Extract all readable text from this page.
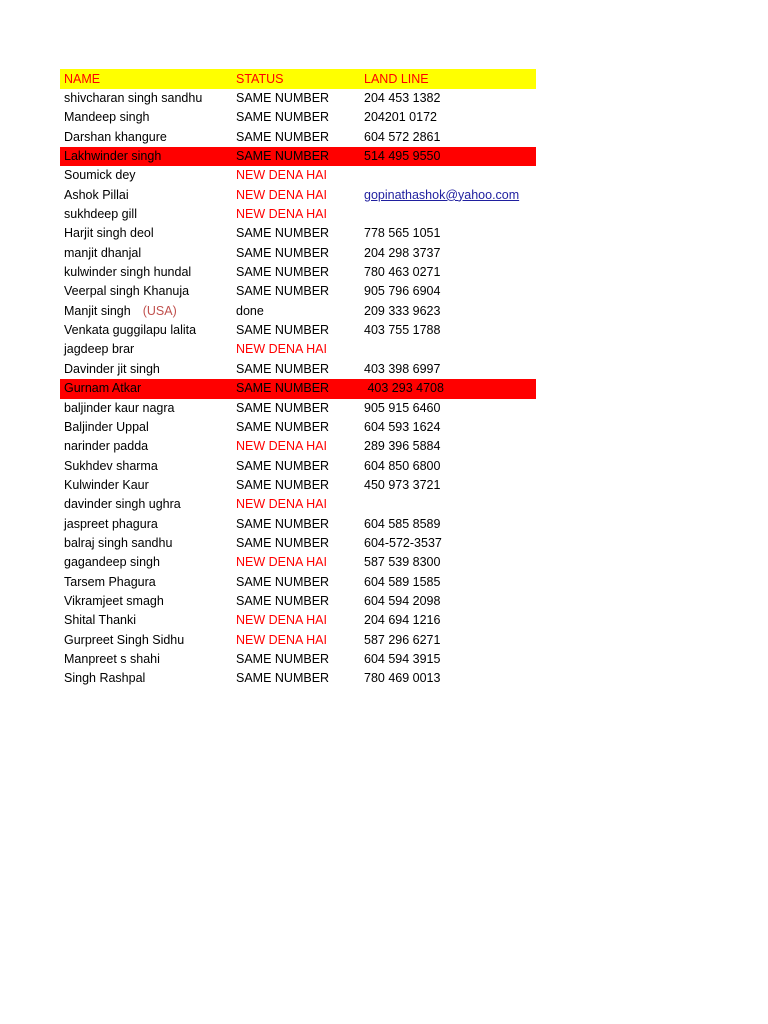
NAME	STATUS	LAND LINE
shivcharan singh sandhu	SAME NUMBER	204 453 1382
Mandeep singh	SAME NUMBER	204201 0172
Darshan khangure	SAME NUMBER	604 572 2861
Lakhwinder singh	SAME NUMBER	514 495 9550
Soumick dey	NEW DENA HAI
Ashok Pillai	NEW DENA HAI	gopinathashok@yahoo.com
sukhdeep gill	NEW DENA HAI
Harjit singh deol	SAME NUMBER	778 565 1051
manjit dhanjal	SAME NUMBER	204 298 3737
kulwinder singh hundal	SAME NUMBER	780 463 0271
Veerpal singh Khanuja	SAME NUMBER	905 796 6904
Manjit singh (USA)	done	209 333 9623
Venkata guggilapu lalita	SAME NUMBER	403 755 1788
jagdeep brar	NEW DENA HAI
Davinder jit singh	SAME NUMBER	403 398 6997
Gurnam Atkar	SAME NUMBER	403 293 4708
baljinder kaur nagra	SAME NUMBER	905 915 6460
Baljinder Uppal	SAME NUMBER	604 593 1624
narinder padda	NEW DENA HAI	289 396 5884
Sukhdev sharma	SAME NUMBER	604 850 6800
Kulwinder Kaur	SAME NUMBER	450 973 3721
davinder singh ughra	NEW DENA HAI
jaspreet phagura	SAME NUMBER	604 585 8589
balraj singh sandhu	SAME NUMBER	604-572-3537
gagandeep singh	NEW DENA HAI	587 539 8300
Tarsem Phagura	SAME NUMBER	604 589 1585
Vikramjeet smagh	SAME NUMBER	604 594 2098
Shital Thanki	NEW DENA HAI	204 694 1216
Gurpreet Singh Sidhu	NEW DENA HAI	587 296 6271
Manpreet s shahi	SAME NUMBER	604 594 3915
Singh Rashpal	SAME NUMBER	780 469 0013
